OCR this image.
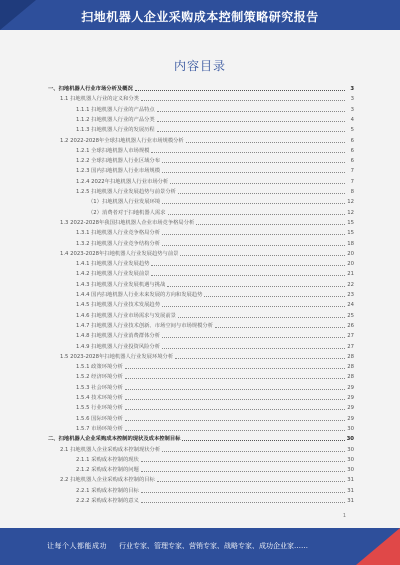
扫地机器人企业采购成本控制策略研究报告
内容目录
一、扫地机器人行业市场分析及概况	3
1.1 扫地机器人行业的定义和分类	3
1.1.1 扫地机器人行业的产品特点	3
1.1.2 扫地机器人行业的产品分类	4
1.1.3 扫地机器人行业的发展历程	5
1.2 2022-2028年全球扫地机器人行业市场规模分析	6
1.2.1 全球扫地机器人市场规模	6
1.2.2 全球扫地机器人行业区域分布	6
1.2.3 国内扫地机器人行业市场规模	7
1.2.4 2022年扫地机器人行业市场分析	7
1.2.5 扫地机器人行业发展趋势与前景分析	8
（1）扫地机器人行业发展环境	12
（2）消费者对于扫地机器人需求	12
1.3 2022-2028年我国扫地机器人企业市场竞争格局分析	15
1.3.1 扫地机器人行业竞争格局分析	15
1.3.2 扫地机器人行业竞争结构分析	18
1.4 2023-2028年扫地机器人行业发展趋势与前景	20
1.4.1 扫地机器人行业发展趋势	20
1.4.2 扫地机器人行业发展前景	21
1.4.3 扫地机器人行业发展机遇与挑战	22
1.4.4 国内扫地机器人行业未来发展的方向和发展趋势	23
1.4.5 扫地机器人行业技术发展趋势	24
1.4.6 扫地机器人行业市场需求与发展前景	25
1.4.7 扫地机器人行业技术创新、市场空间与市场规模分析	26
1.4.8 扫地机器人行业消费群体分析	27
1.4.9 扫地机器人行业投资风险分析	27
1.5 2023-2028年扫地机器人行业发展环境分析	28
1.5.1 政策环境分析	28
1.5.2 经济环境分析	28
1.5.3 社会环境分析	29
1.5.4 技术环境分析	29
1.5.5 行业环境分析	29
1.5.6 国际环境分析	29
1.5.7 市场环境分析	30
二、扫地机器人企业采购成本控制的现状及成本控制目标	30
2.1 扫地机器人企业采购成本控制现状分析	30
2.1.1 采购成本控制的现状	30
2.1.2 采购成本控制的问题	30
2.2 扫地机器人企业采购成本控制的目标	31
2.2.1 采购成本控制的目标	31
2.2.2 采购成本控制的意义	31
1
让每个人都能成功 行业专家、管理专家、营销专家、战略专家、成功企业家……
